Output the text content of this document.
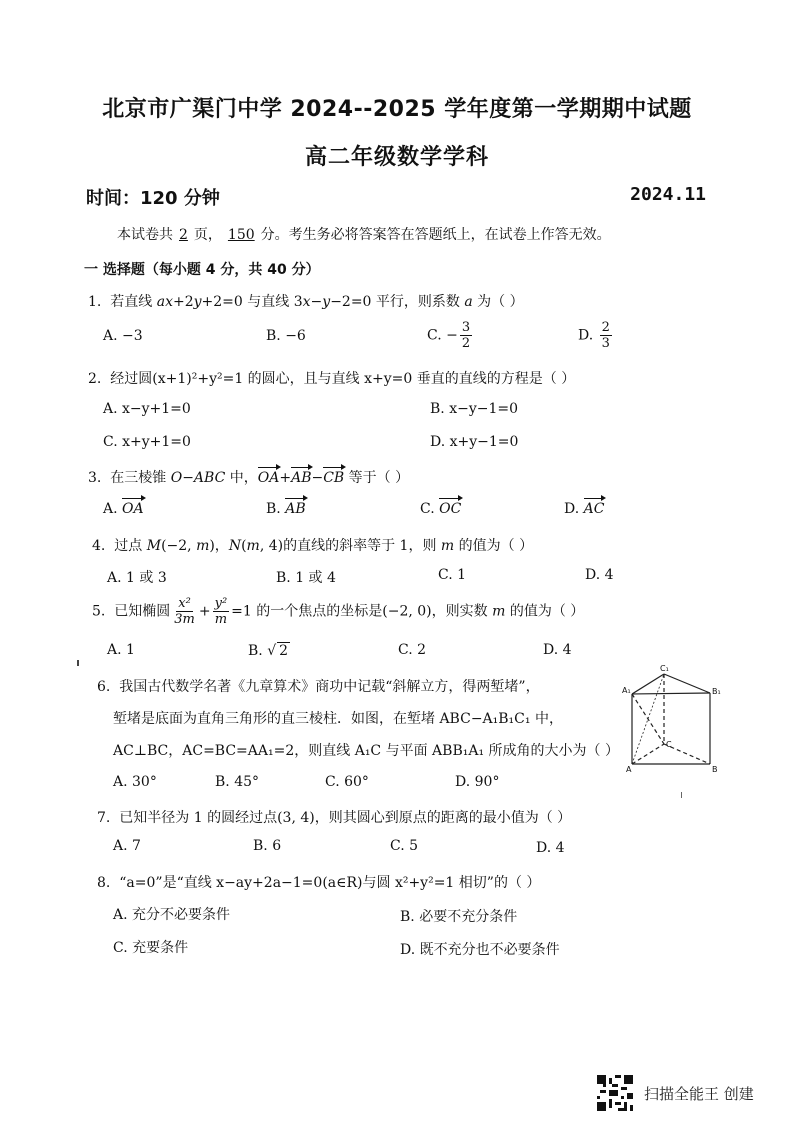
北京市广渠门中学 2024--2025 学年度第一学期期中试题
高二年级数学学科
时间：120 分钟	2024.11
本试卷共 2 页， 150 分。考生务必将答案答在答题纸上，在试卷上作答无效。
一 选择题（每小题 4 分，共 40 分）
1. 若直线 ax+2y+2=0 与直线 3x−y−2=0 平行，则系数 a 为（ ）
A. −3	B. −6	C. − $\frac{3}{2}$	D. $\frac{2}{3}$
2. 经过圆(x+1)²+y²=1 的圆心，且与直线 x+y=0 垂直的直线的方程是（ ）
A. x−y+1=0	B. x−y−1=0
C. x+y+1=0	D. x+y−1=0
3. 在三棱锥 O−ABC 中，OA+AB−CB 等于（ ）
A. OA	B. AB	C. OC	D. AC
4. 过点 M(−2, m)，N(m, 4)的直线的斜率等于 1，则 m 的值为（ ）
A. 1 或 3	B. 1 或 4	C. 1	D. 4
5. 已知椭圆 $\frac{\text{x²}}{3m} + \frac{\text{y²}}{m} =1$ 的一个焦点的坐标是(−2, 0)，则实数 m 的值为（ ）
A. 1	B. √ 2	C. 2	D. 4
6. 我国古代数学名著《九章算术》商功中记载“斜解立方，得两堑堵”，
堑堵是底面为直角三角形的直三棱柱．如图，在堑堵 ABC−A₁B₁C₁ 中，
AC⊥BC，AC=BC=AA₁=2，则直线 A₁C 与平面 ABB₁A₁ 所成角的大小为（ ）
A. 30°	B. 45°	C. 60°	D. 90°
C₁
A₁	B₁
A	B
C
7. 已知半径为 1 的圆经过点(3, 4)，则其圆心到原点的距离的最小值为（ ）
A. 7	B. 6	C. 5	D. 4
8. “a=0”是“直线 x−ay+2a−1=0(a∈R)与圆 x²+y²=1 相切”的（ ）
A. 充分不必要条件	B. 必要不充分条件
C. 充要条件	D. 既不充分也不必要条件
扫描全能王 创建
